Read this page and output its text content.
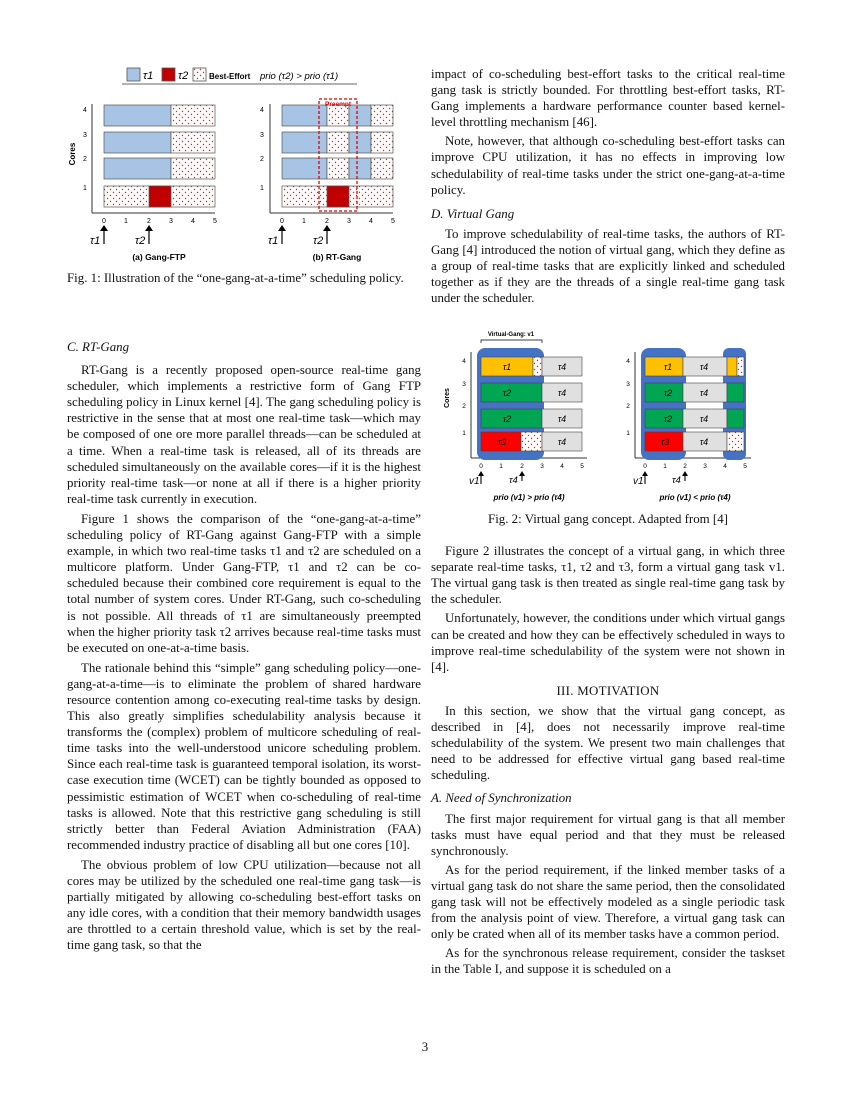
τ1 τ2	Best-Effort prio (τ2) > prio (τ1)
Cores
1
2
3
4
0	1	2	3	4	5
τ1	τ2
(a) Gang-FTP
1
2
3
4
Preempt
0	1	2	3	4	5
τ1	τ2
(b) RT-Gang

Fig. 1: Illustration of the “one-gang-at-a-time” scheduling policy.

C. RT-Gang

RT-Gang is a recently proposed open-source real-time gang scheduler, which implements a restrictive form of Gang FTP scheduling policy in Linux kernel [4]. The gang scheduling policy is restrictive in the sense that at most one real-time task—which may be composed of one ore more parallel threads—can be scheduled at a time. When a real-time task is released, all of its threads are scheduled simultaneously on the available cores—if it is the highest priority real-time task—or none at all if there is a higher priority real-time task currently in execution.

Figure 1 shows the comparison of the “one-gang-at-a-time” scheduling policy of RT-Gang against Gang-FTP with a simple example, in which two real-time tasks τ1 and τ2 are scheduled on a multicore platform. Under Gang-FTP, τ1 and τ2 can be co-scheduled because their combined core requirement is equal to the total number of system cores. Under RT-Gang, such co-scheduling is not possible. All threads of τ1 are simultaneously preempted when the higher priority task τ2 arrives because real-time tasks must be executed on one-at-a-time basis.

The rationale behind this “simple” gang scheduling policy—one-gang-at-a-time—is to eliminate the problem of shared hardware resource contention among co-executing real-time tasks by design. This also greatly simplifies schedulability analysis because it transforms the (complex) problem of multicore scheduling of real-time tasks into the well-understood unicore scheduling problem. Since each real-time task is guaranteed temporal isolation, its worst-case execution time (WCET) can be tightly bounded as opposed to pessimistic estimation of WCET when co-scheduling of real-time tasks is allowed. Note that this restrictive gang scheduling is still strictly better than Federal Aviation Administration (FAA) recommended industry practice of disabling all but one cores [10].

The obvious problem of low CPU utilization—because not all cores may be utilized by the scheduled one real-time gang task—is partially mitigated by allowing co-scheduling best-effort tasks on any idle cores, with a condition that their memory bandwidth usages are throttled to a certain threshold value, which is set by the real-time gang task, so that the

impact of co-scheduling best-effort tasks to the critical real-time gang task is strictly bounded. For throttling best-effort tasks, RT-Gang implements a hardware performance counter based kernel-level throttling mechanism [46].

Note, however, that although co-scheduling best-effort tasks can improve CPU utilization, it has no effects in improving low schedulability of real-time tasks under the strict one-gang-at-a-time policy.

D. Virtual Gang

To improve schedulability of real-time tasks, the authors of RT-Gang [4] introduced the notion of virtual gang, which they define as a group of real-time tasks that are explicitly linked and scheduled together as if they are the threads of a single real-time gang task under the scheduler.

Virtual-Gang: v1
Cores
1
2
3
4
τ1
τ2
τ2
τ3
τ4
τ4
τ4
τ4
0	1	2	3	4	5
v1	τ4
prio (v1) > prio (τ4)
1
2
3
4
τ1
τ2
τ2
τ3
τ4
τ4
τ4
τ4
0	1	2	3	4	5
v1	τ4
prio (v1) < prio (τ4)

Fig. 2: Virtual gang concept. Adapted from [4]

Figure 2 illustrates the concept of a virtual gang, in which three separate real-time tasks, τ1, τ2 and τ3, form a virtual gang task v1. The virtual gang task is then treated as single real-time gang task by the scheduler.

Unfortunately, however, the conditions under which virtual gangs can be created and how they can be effectively scheduled in ways to improve real-time schedulability of the system were not shown in [4].

III. MOTIVATION

In this section, we show that the virtual gang concept, as described in [4], does not necessarily improve real-time schedulability of the system. We present two main challenges that need to be addressed for effective virtual gang based real-time scheduling.

A. Need of Synchronization

The first major requirement for virtual gang is that all member tasks must have equal period and that they must be released synchronously.

As for the period requirement, if the linked member tasks of a virtual gang task do not share the same period, then the consolidated gang task will not be effectively modeled as a single periodic task from the analysis point of view. Therefore, a virtual gang task can only be crated when all of its member tasks have a common period.

As for the synchronous release requirement, consider the taskset in the Table I, and suppose it is scheduled on a

3
